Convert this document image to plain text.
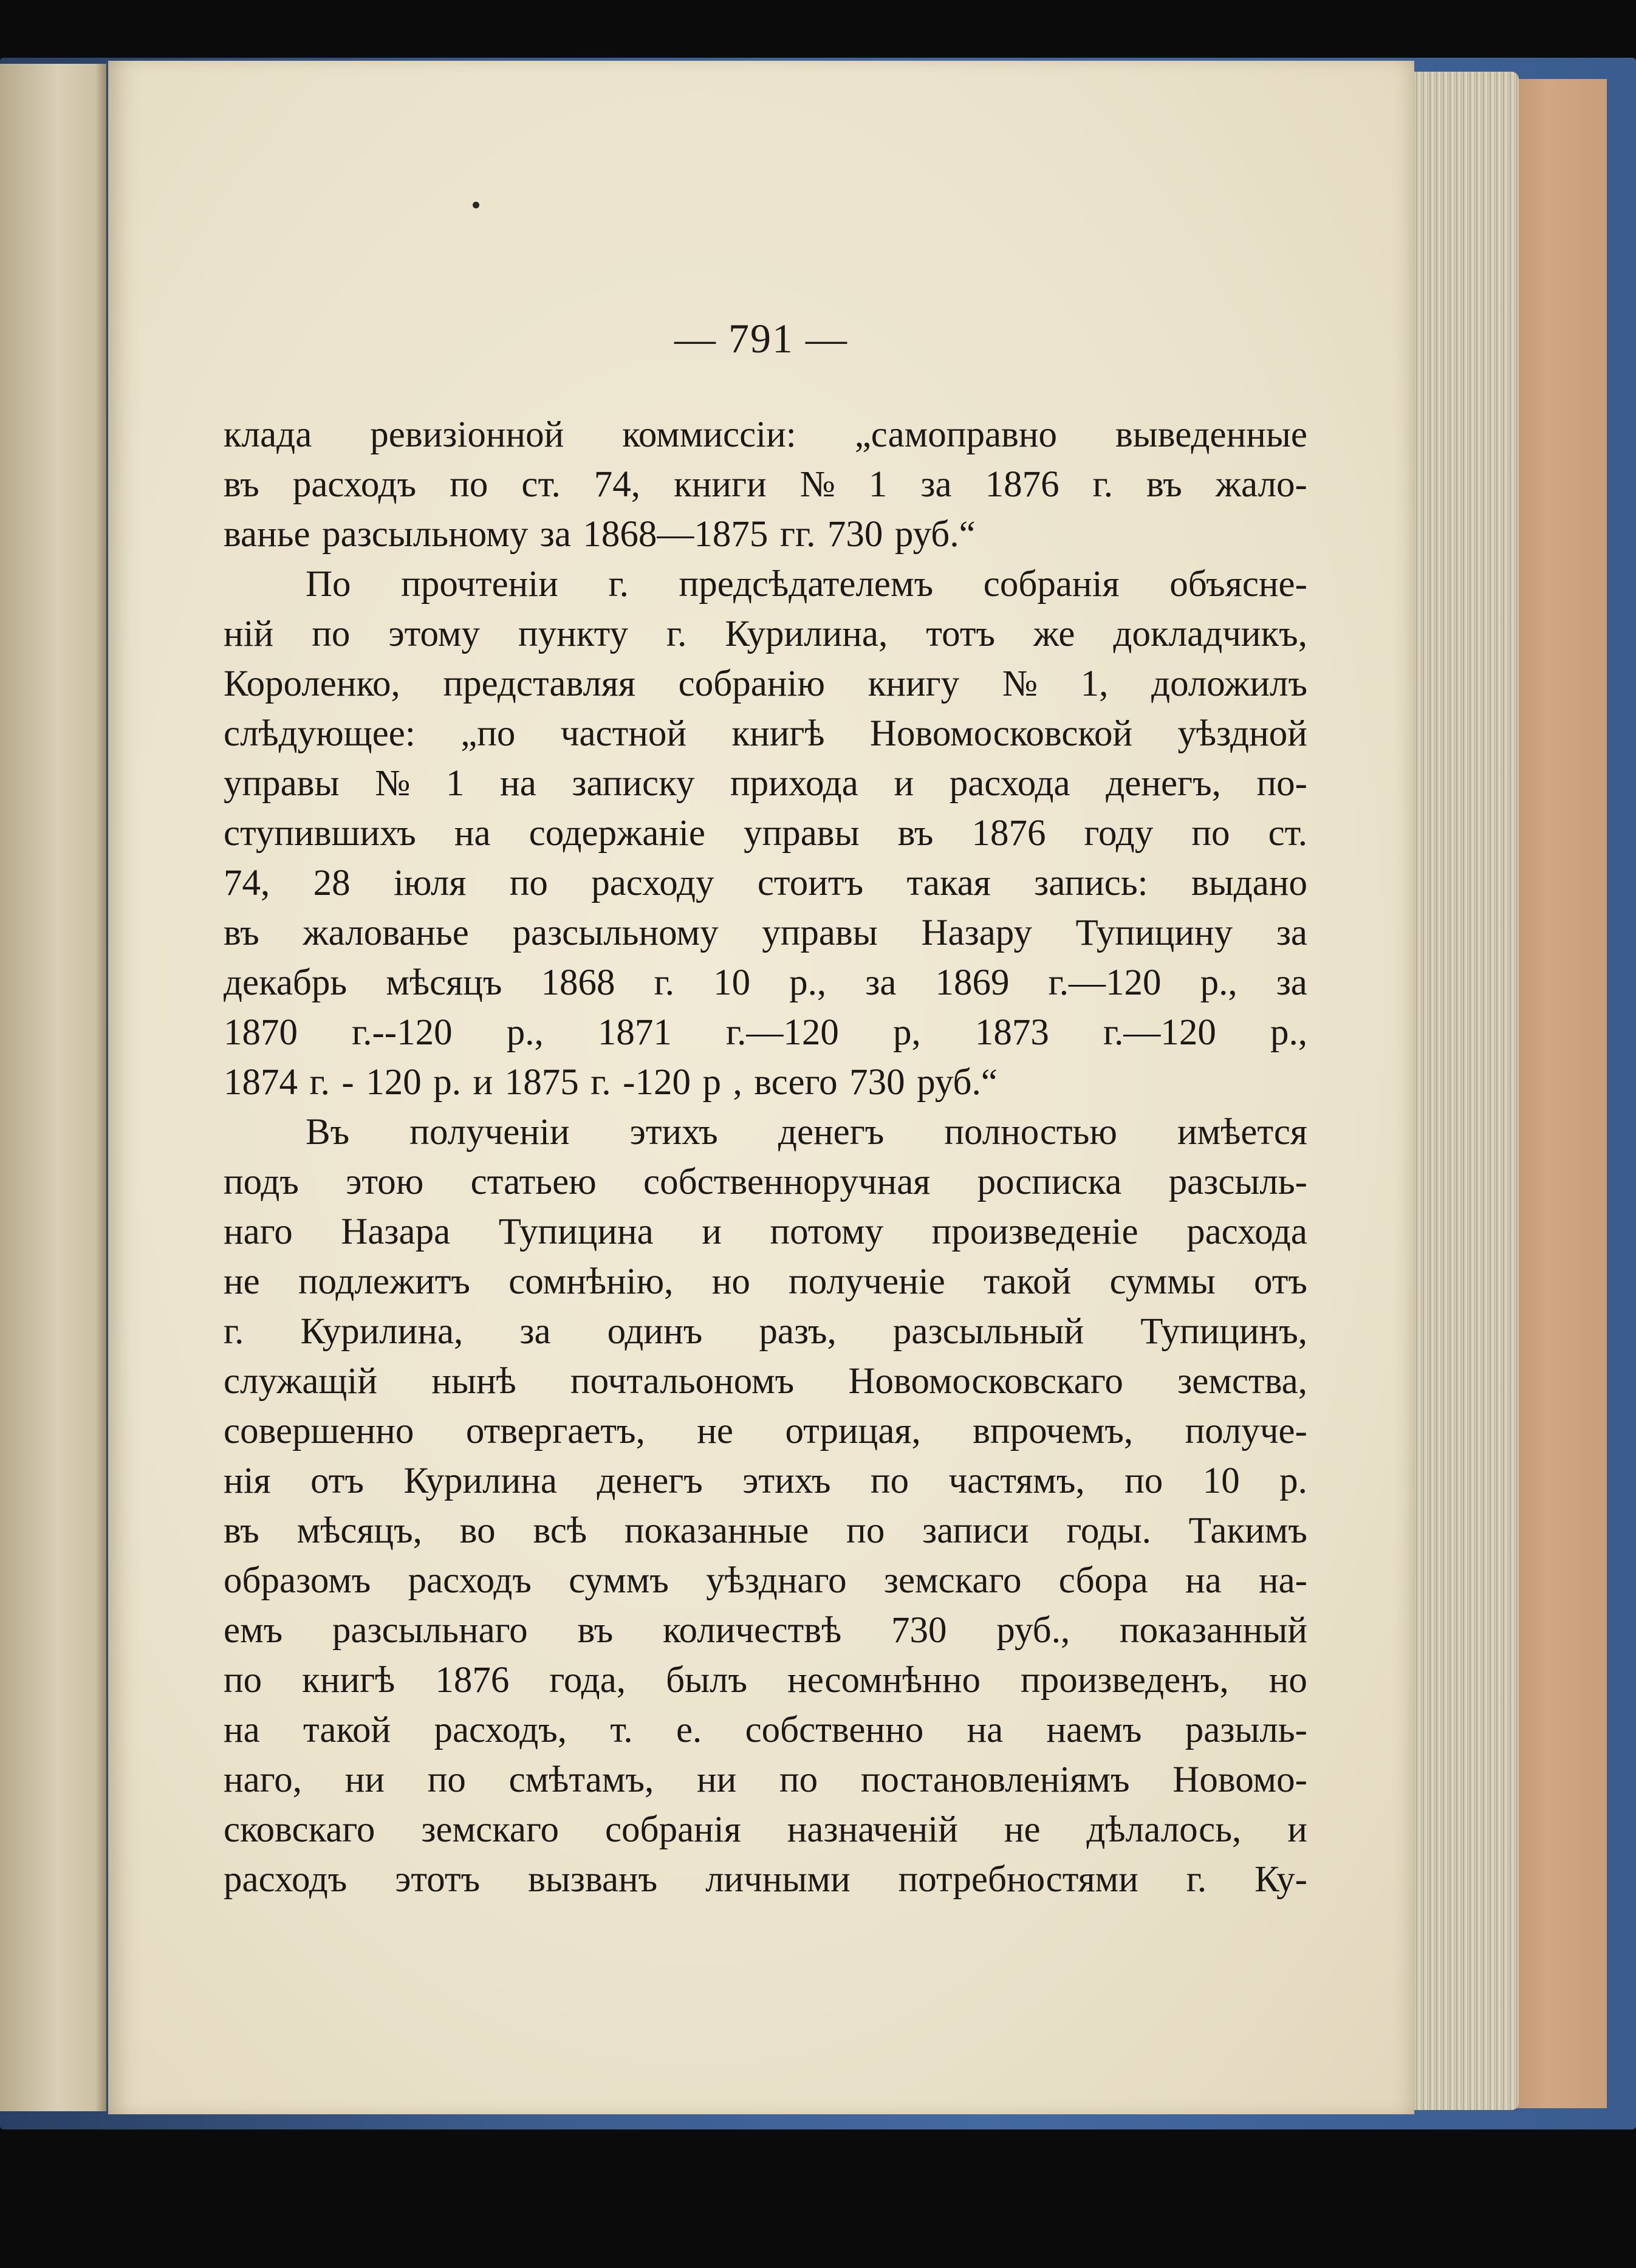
— 791 —
клада ревизіонной коммиссіи: „самоправно выведенные
въ расходъ по ст. 74, книги № 1 за 1876 г. въ жало-
ванье разсыльному за 1868—1875 гг. 730 руб.“
По прочтеніи г. предсѣдателемъ собранія объясне-
ній по этому пункту г. Курилина, тотъ же докладчикъ,
Короленко, представляя собранію книгу № 1, доложилъ
слѣдующее: „по частной книгѣ Новомосковской уѣздной
управы № 1 на записку прихода и расхода денегъ, по-
ступившихъ на содержаніе управы въ 1876 году по ст.
74, 28 іюля по расходу стоитъ такая запись: выдано
въ жалованье разсыльному управы Назару Тупицину за
декабрь мѣсяцъ 1868 г. 10 р., за 1869 г.—120 р., за
1870 г.--120 р., 1871 г.—120 р, 1873 г.—120 р.,
1874 г. - 120 р. и 1875 г. -120 р , всего 730 руб.“
Въ полученіи этихъ денегъ полностью имѣется
подъ этою статьею собственноручная росписка разсыль-
наго Назара Тупицина и потому произведеніе расхода
не подлежитъ сомнѣнію, но полученіе такой суммы отъ
г. Курилина, за одинъ разъ, разсыльный Тупицинъ,
служащій нынѣ почтальономъ Новомосковскаго земства,
совершенно отвергаетъ, не отрицая, впрочемъ, получе-
нія отъ Курилина денегъ этихъ по частямъ, по 10 р.
въ мѣсяцъ, во всѣ показанные по записи годы. Такимъ
образомъ расходъ суммъ уѣзднаго земскаго сбора на на-
емъ разсыльнаго въ количествѣ 730 руб., показанный
по книгѣ 1876 года, былъ несомнѣнно произведенъ, но
на такой расходъ, т. е. собственно на наемъ разыль-
наго, ни по смѣтамъ, ни по постановленіямъ Новомо-
сковскаго земскаго собранія назначеній не дѣлалось, и
расходъ этотъ вызванъ личными потребностями г. Ку-
